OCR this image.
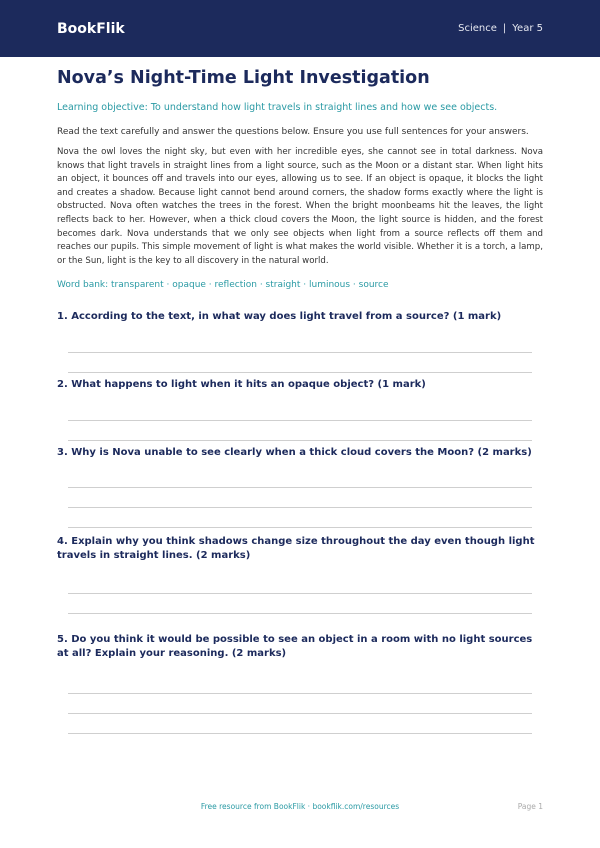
BookFlik	Science | Year 5
Nova’s Night-Time Light Investigation
Learning objective: To understand how light travels in straight lines and how we see objects.
Read the text carefully and answer the questions below. Ensure you use full sentences for your answers.
Nova the owl loves the night sky, but even with her incredible eyes, she cannot see in total darkness. Nova knows that light travels in straight lines from a light source, such as the Moon or a distant star. When light hits an object, it bounces off and travels into our eyes, allowing us to see. If an object is opaque, it blocks the light and creates a shadow. Because light cannot bend around corners, the shadow forms exactly where the light is obstructed. Nova often watches the trees in the forest. When the bright moonbeams hit the leaves, the light reflects back to her. However, when a thick cloud covers the Moon, the light source is hidden, and the forest becomes dark. Nova understands that we only see objects when light from a source reflects off them and reaches our pupils. This simple movement of light is what makes the world visible. Whether it is a torch, a lamp, or the Sun, light is the key to all discovery in the natural world.
Word bank: transparent · opaque · reflection · straight · luminous · source
1. According to the text, in what way does light travel from a source? (1 mark)
2. What happens to light when it hits an opaque object? (1 mark)
3. Why is Nova unable to see clearly when a thick cloud covers the Moon? (2 marks)
4. Explain why you think shadows change size throughout the day even though light travels in straight lines. (2 marks)
5. Do you think it would be possible to see an object in a room with no light sources at all? Explain your reasoning. (2 marks)
Free resource from BookFlik · bookflik.com/resources	Page 1
